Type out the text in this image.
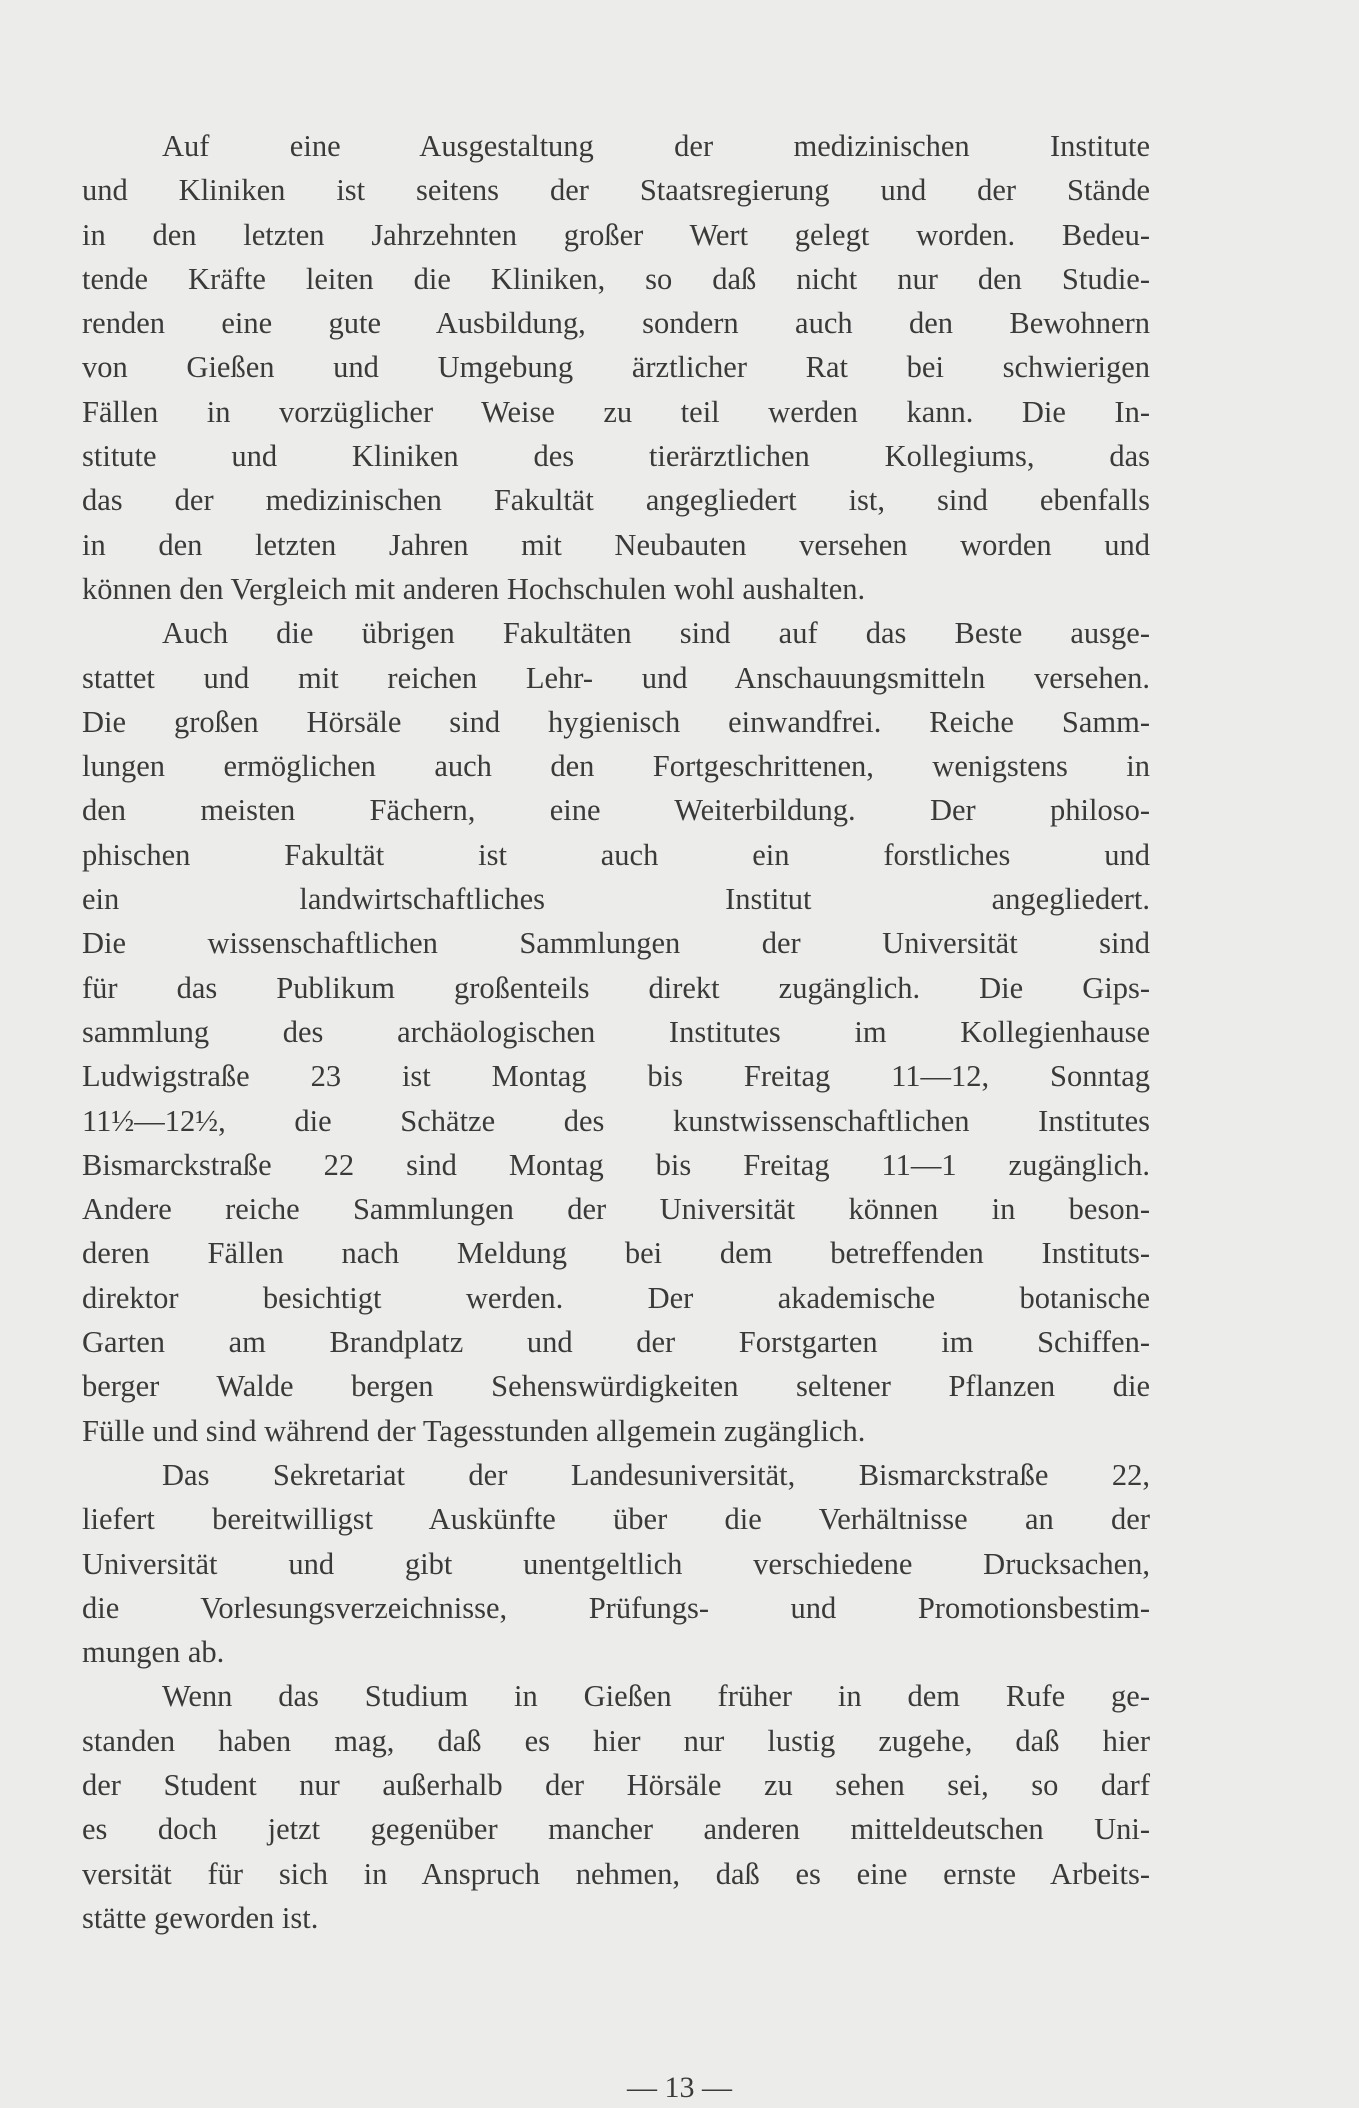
Auf eine Ausgestaltung der medizinischen Institute
und Kliniken ist seitens der Staatsregierung und der Stände
in den letzten Jahrzehnten großer Wert gelegt worden. Bedeu-
tende Kräfte leiten die Kliniken, so daß nicht nur den Studie-
renden eine gute Ausbildung, sondern auch den Bewohnern
von Gießen und Umgebung ärztlicher Rat bei schwierigen
Fällen in vorzüglicher Weise zu teil werden kann. Die In-
stitute und Kliniken des tierärztlichen Kollegiums, das
das der medizinischen Fakultät angegliedert ist, sind ebenfalls
in den letzten Jahren mit Neubauten versehen worden und
können den Vergleich mit anderen Hochschulen wohl aushalten.
Auch die übrigen Fakultäten sind auf das Beste ausge-
stattet und mit reichen Lehr- und Anschauungsmitteln versehen.
Die großen Hörsäle sind hygienisch einwandfrei. Reiche Samm-
lungen ermöglichen auch den Fortgeschrittenen, wenigstens in
den meisten Fächern, eine Weiterbildung. Der philoso-
phischen Fakultät ist auch ein forstliches und
ein landwirtschaftliches Institut angegliedert.
Die wissenschaftlichen Sammlungen der Universität sind
für das Publikum großenteils direkt zugänglich. Die Gips-
sammlung des archäologischen Institutes im Kollegienhause
Ludwigstraße 23 ist Montag bis Freitag 11—12, Sonntag
11½—12½, die Schätze des kunstwissenschaftlichen Institutes
Bismarckstraße 22 sind Montag bis Freitag 11—1 zugänglich.
Andere reiche Sammlungen der Universität können in beson-
deren Fällen nach Meldung bei dem betreffenden Instituts-
direktor besichtigt werden. Der akademische botanische
Garten am Brandplatz und der Forstgarten im Schiffen-
berger Walde bergen Sehenswürdigkeiten seltener Pflanzen die
Fülle und sind während der Tagesstunden allgemein zugänglich.
Das Sekretariat der Landesuniversität, Bismarckstraße 22,
liefert bereitwilligst Auskünfte über die Verhältnisse an der
Universität und gibt unentgeltlich verschiedene Drucksachen,
die Vorlesungsverzeichnisse, Prüfungs- und Promotionsbestim-
mungen ab.
Wenn das Studium in Gießen früher in dem Rufe ge-
standen haben mag, daß es hier nur lustig zugehe, daß hier
der Student nur außerhalb der Hörsäle zu sehen sei, so darf
es doch jetzt gegenüber mancher anderen mitteldeutschen Uni-
versität für sich in Anspruch nehmen, daß es eine ernste Arbeits-
stätte geworden ist.
— 13 —
